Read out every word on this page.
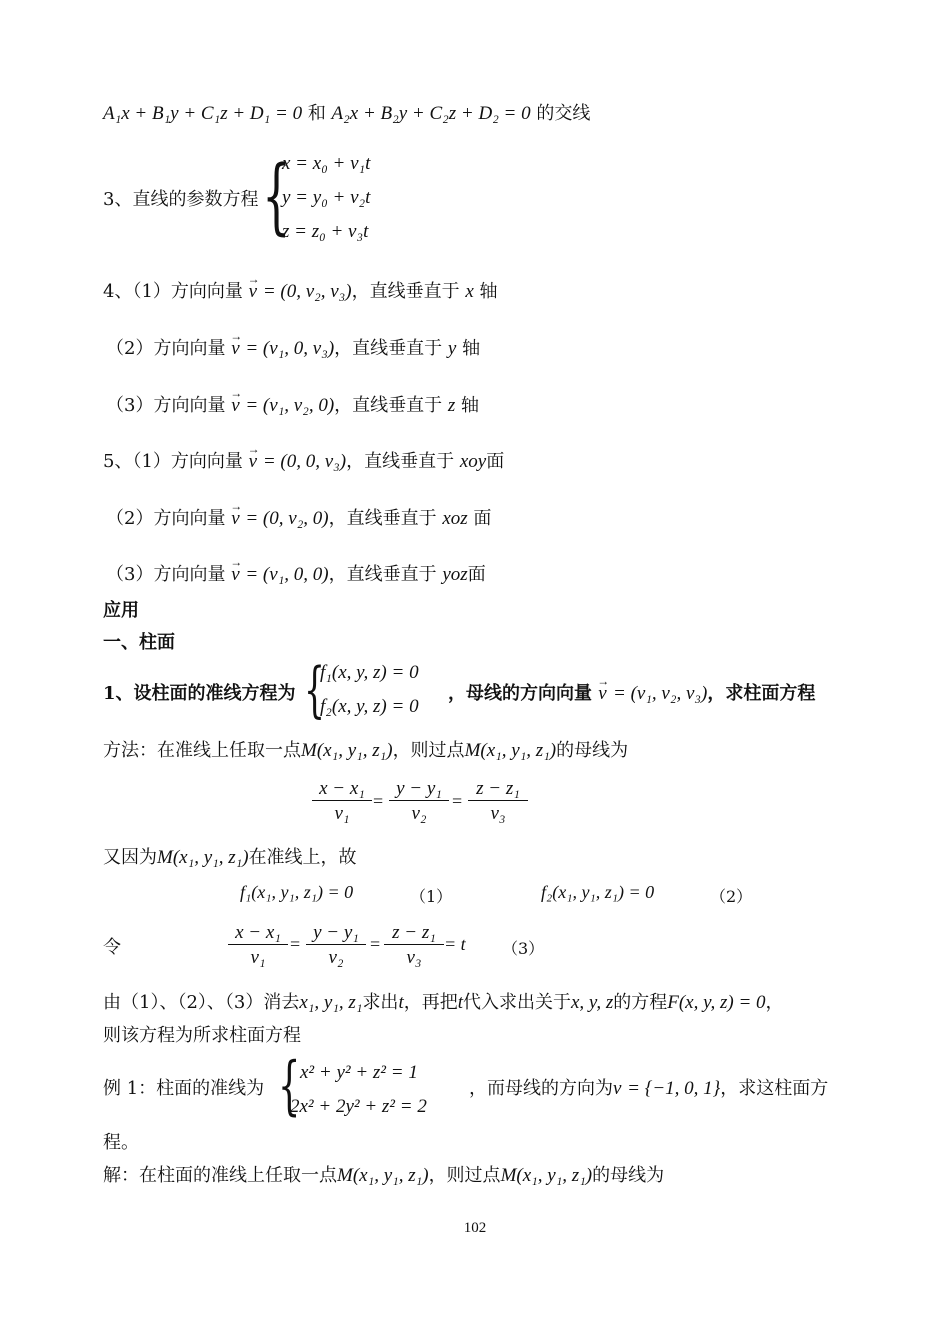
A₁x + B₁y + C₁z + D₁ = 0 和 A₂x + B₂y + C₂z + D₂ = 0 的交线
3、直线的参数方程 {
x = x₀ + v₁t
y = y₀ + v₂t
z = z₀ + v₃t
4、（1）方向向量 → v = (0, v₂, v₃)，直线垂直于 x 轴
（2）方向向量 → v = (v₁, 0, v₃)，直线垂直于 y 轴
（3）方向向量 → v = (v₁, v₂, 0)，直线垂直于 z 轴
5、（1）方向向量 → v = (0, 0, v₃)，直线垂直于 xoy面
（2）方向向量 → v = (0, v₂, 0)，直线垂直于 xoz 面
（3）方向向量 → v = (v₁, 0, 0)，直线垂直于 yoz面
应用
一、柱面
1、设柱面的准线方程为 {
f₁(x, y, z) = 0
f₂(x, y, z) = 0
，母线的方向向量 → v = (v₁, v₂, v₃)，求柱面方程
方法：在准线上任取一点M(x₁, y₁, z₁)，则过点M(x₁, y₁, z₁)的母线为
$\frac{\text{x − x₁}}{\text{v₁}} = \frac{\text{y − y₁}}{\text{v₂}} = \frac{\text{z − z₁}}{\text{v₃}}$
又因为M(x₁, y₁, z₁)在准线上，故
f₁(x₁, y₁, z₁) = 0	（1）	f₂(x₁, y₁, z₁) = 0	（2）
令	$\frac{\text{x − x₁}}{\text{v₁}} = \frac{\text{y − y₁}}{\text{v₂}} = \frac{\text{z − z₁}}{\text{v₃}} = t$ （3）
由（1）、（2）、（3）消去x₁, y₁, z₁求出t，再把t代入求出关于x, y, z的方程F(x, y, z) = 0，
则该方程为所求柱面方程
例 1：柱面的准线为 { x² + y² + z² = 1
2x² + 2y² + z² = 2
，而母线的方向为v = {−1, 0, 1}，求这柱面方
程。
解：在柱面的准线上任取一点M(x₁, y₁, z₁)，则过点M(x₁, y₁, z₁)的母线为
102
